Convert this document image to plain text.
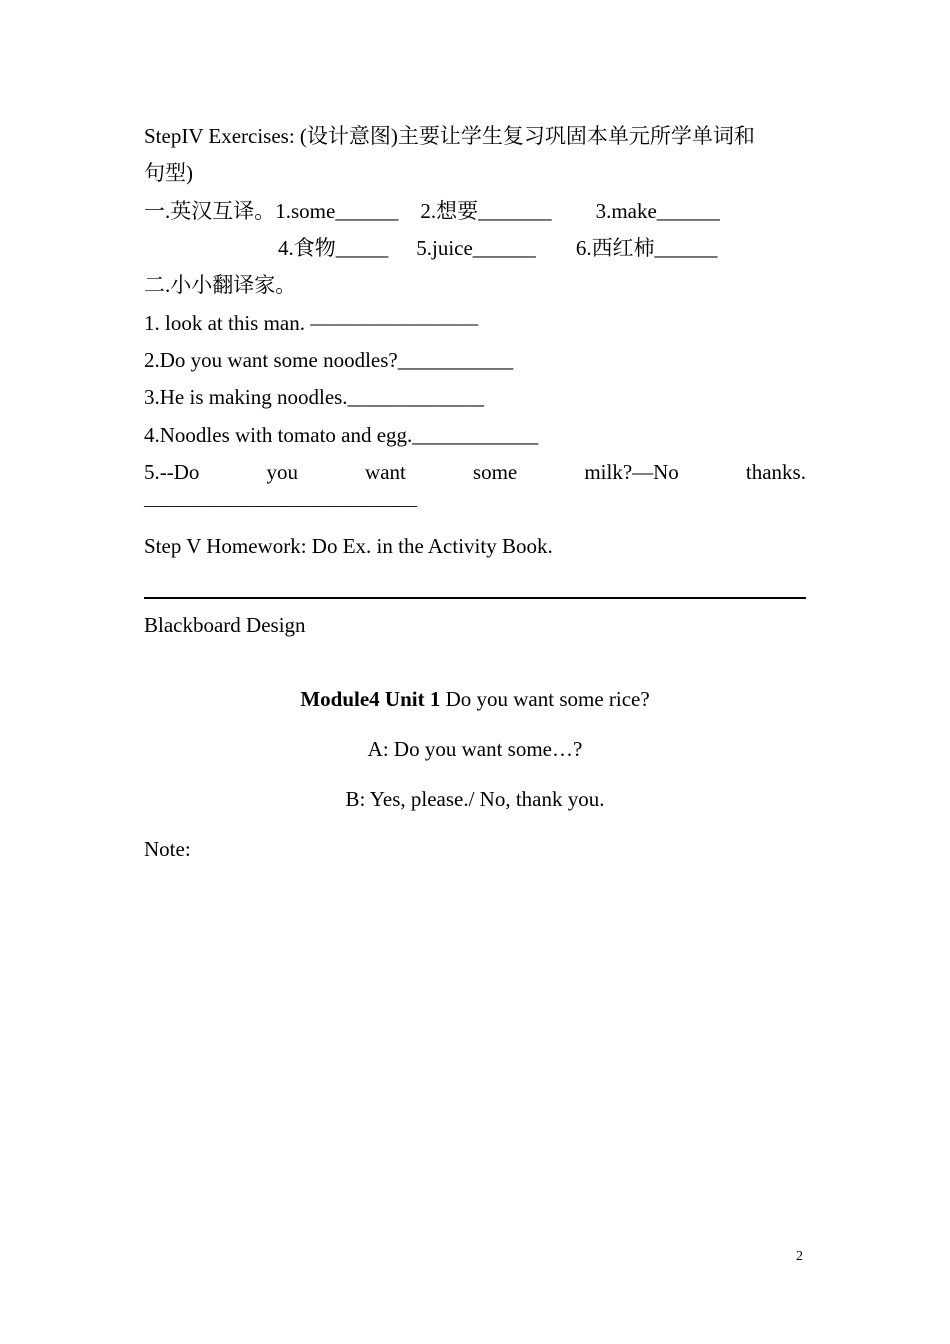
StepIV Exercises: (设计意图)主要让学生复习巩固本单元所学单词和
句型)
一.英汉互译。1.some______ 2.想要_______ 3.make______
4.食物_____ 5.juice______ 6.西红柿______
二.小小翻译家。
1. look at this man. ————————
2.Do you want some noodles?___________
3.He is making noodles._____________
4.Noodles with tomato and egg.____________
5.--Do	you	want	some	milk?—No	thanks.
————————————————
Step V Homework: Do Ex. in the Activity Book.
Blackboard Design
Module4 Unit 1 Do you want some rice?
A: Do you want some…?
B: Yes, please./ No, thank you.
Note:
2
